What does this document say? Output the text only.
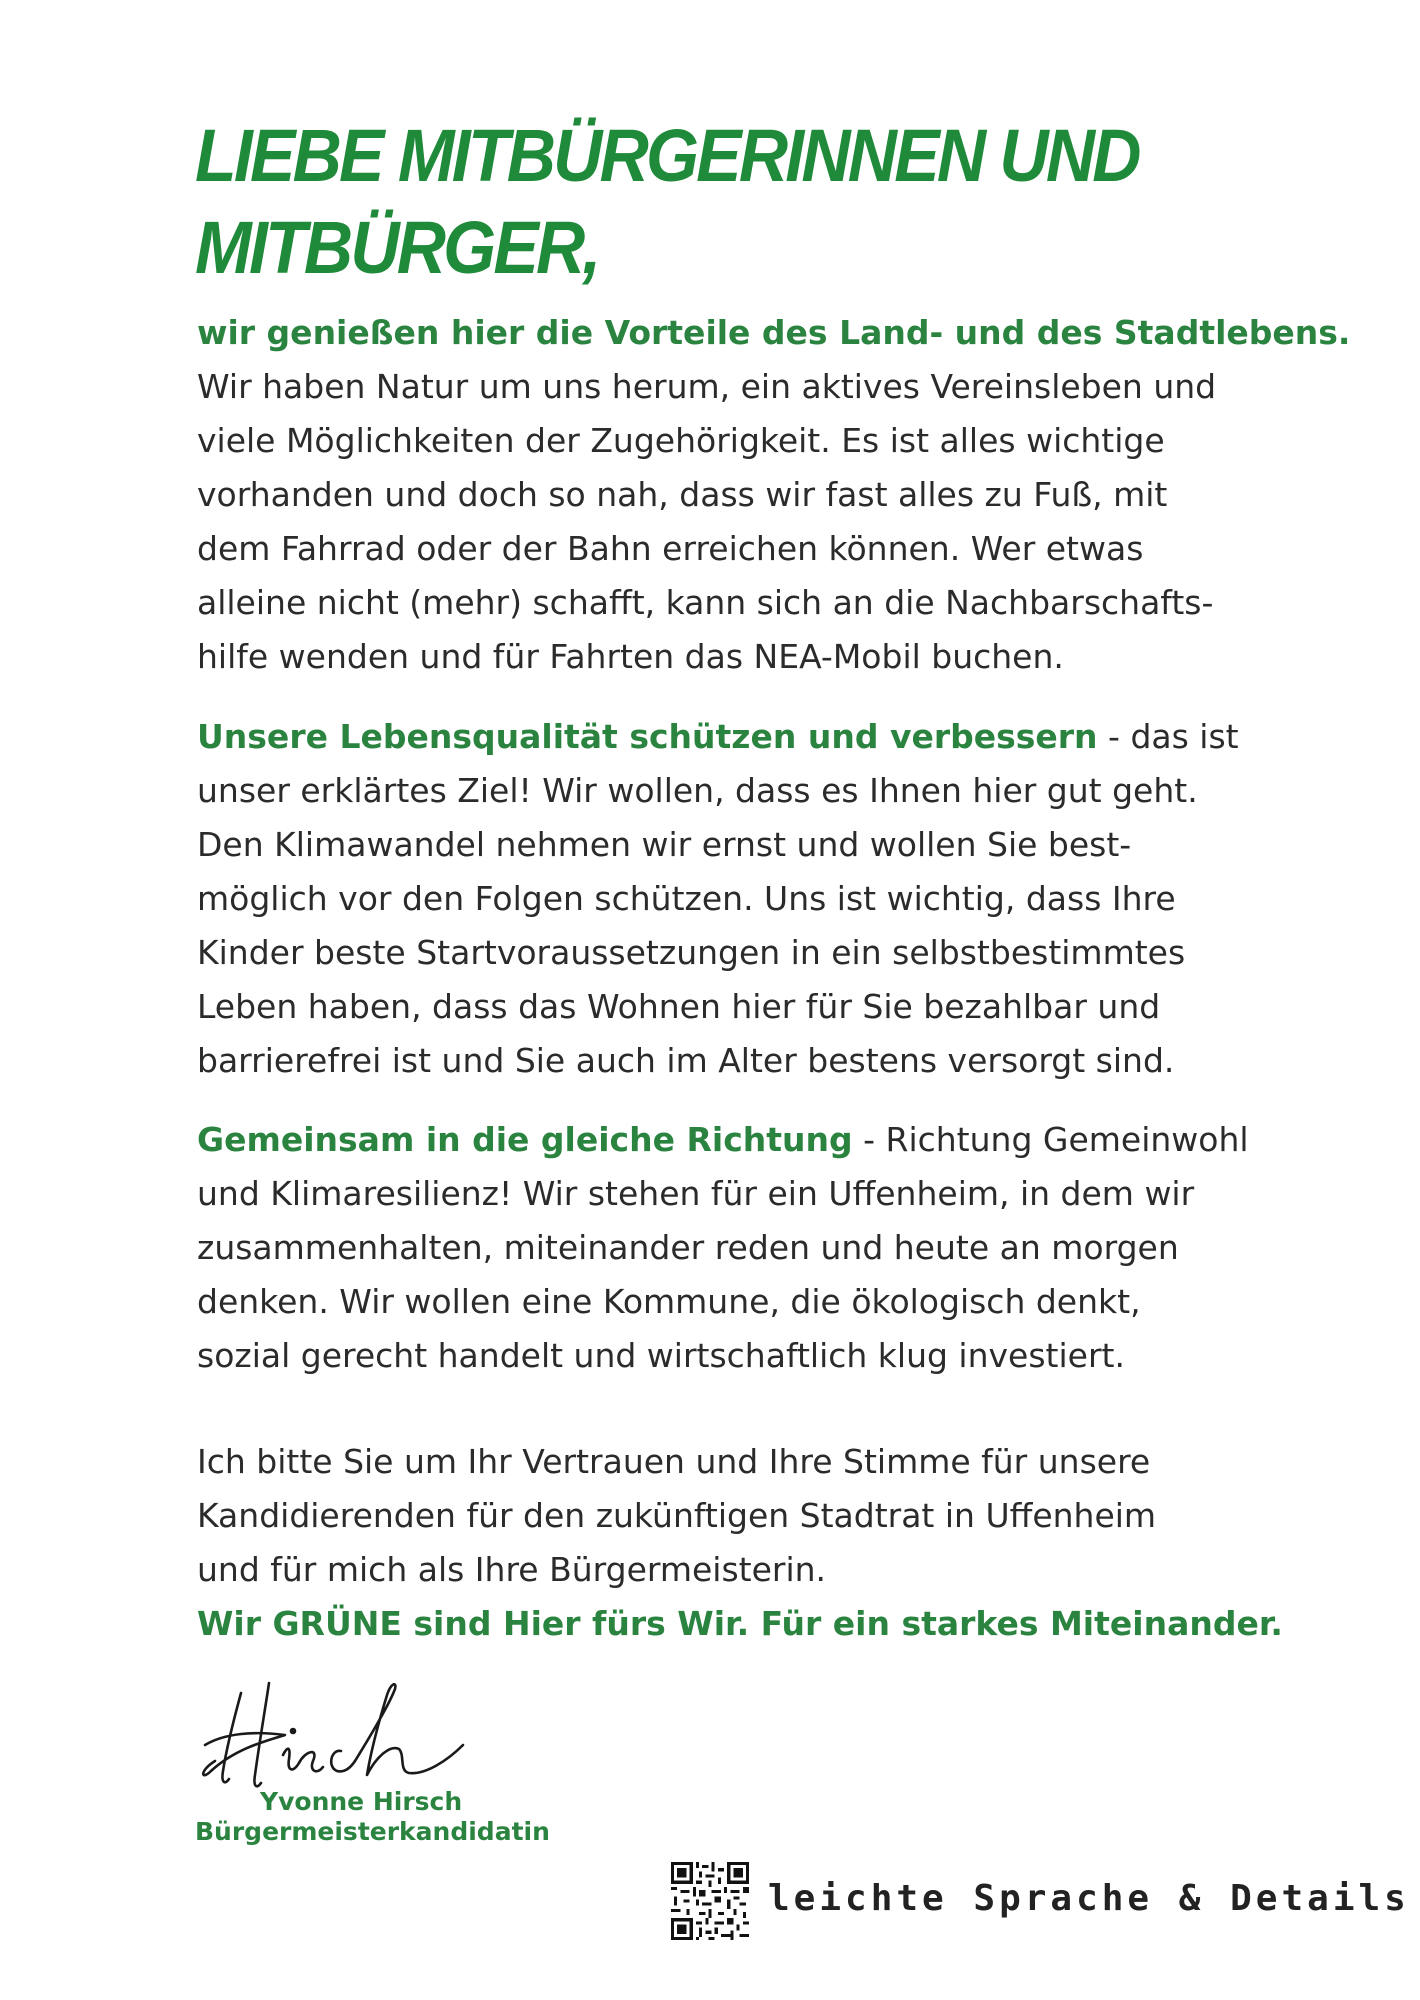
LIEBE MITBÜRGERINNEN UND
MITBÜRGER,

wir genießen hier die Vorteile des Land- und des Stadtlebens.
Wir haben Natur um uns herum, ein aktives Vereinsleben und
viele Möglichkeiten der Zugehörigkeit. Es ist alles wichtige
vorhanden und doch so nah, dass wir fast alles zu Fuß, mit
dem Fahrrad oder der Bahn erreichen können. Wer etwas
alleine nicht (mehr) schafft, kann sich an die Nachbarschafts-
hilfe wenden und für Fahrten das NEA-Mobil buchen.

Unsere Lebensqualität schützen und verbessern - das ist
unser erklärtes Ziel! Wir wollen, dass es Ihnen hier gut geht.
Den Klimawandel nehmen wir ernst und wollen Sie best-
möglich vor den Folgen schützen. Uns ist wichtig, dass Ihre
Kinder beste Startvoraussetzungen in ein selbstbestimmtes
Leben haben, dass das Wohnen hier für Sie bezahlbar und
barrierefrei ist und Sie auch im Alter bestens versorgt sind.

Gemeinsam in die gleiche Richtung - Richtung Gemeinwohl
und Klimaresilienz! Wir stehen für ein Uffenheim, in dem wir
zusammenhalten, miteinander reden und heute an morgen
denken. Wir wollen eine Kommune, die ökologisch denkt,
sozial gerecht handelt und wirtschaftlich klug investiert.

Ich bitte Sie um Ihr Vertrauen und Ihre Stimme für unsere
Kandidierenden für den zukünftigen Stadtrat in Uffenheim
und für mich als Ihre Bürgermeisterin.
Wir GRÜNE sind Hier fürs Wir. Für ein starkes Miteinander.

Yvonne Hirsch
Bürgermeisterkandidatin
leichte Sprache & Details
